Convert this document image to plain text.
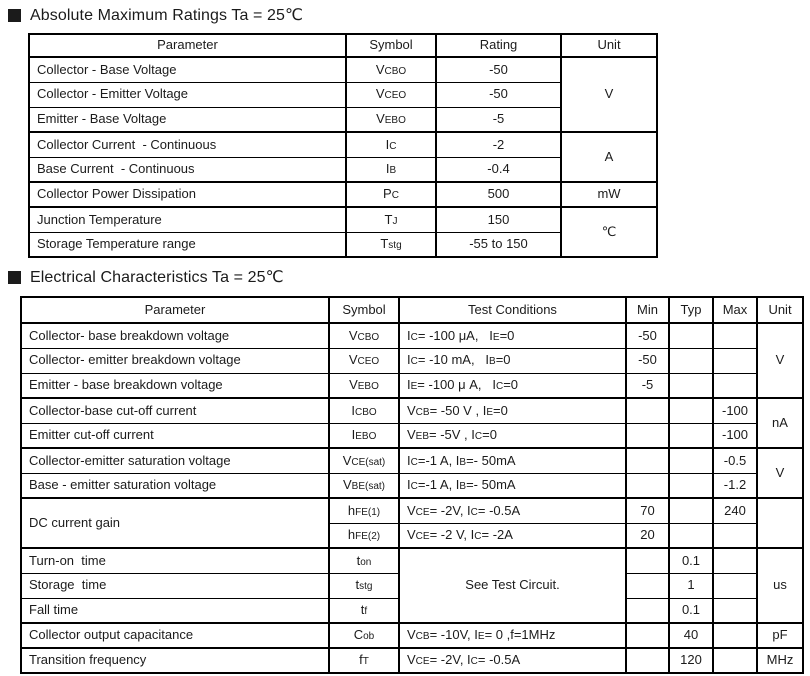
Absolute Maximum Ratings Ta = 25℃
Parameter	Symbol	Rating	Unit
Collector - Base Voltage	VCBO	-50	V
Collector - Emitter Voltage	VCEO	-50	
Emitter - Base Voltage	VEBO	-5	
Collector Current  - Continuous	IC	-2	A
Base Current  - Continuous	IB	-0.4	
Collector Power Dissipation	PC	500	mW
Junction Temperature	TJ	150	℃
Storage Temperature range	Tstg	-55 to 150	
Electrical Characteristics Ta = 25℃
Parameter	Symbol	Test Conditions	Min	Typ	Max	Unit
Collector- base breakdown voltage	VCBO	IC= -100 μA,   IE=0	-50			V
Collector- emitter breakdown voltage	VCEO	IC= -10 mA,   IB=0	-50			
Emitter - base breakdown voltage	VEBO	IE= -100 μ A,   IC=0	-5			
Collector-base cut-off current	ICBO	VCB= -50 V , IE=0			-100	nA
Emitter cut-off current	IEBO	VEB= -5V , IC=0			-100	
Collector-emitter saturation voltage	VCE(sat)	IC=-1 A, IB=- 50mA			-0.5	V
Base - emitter saturation voltage	VBE(sat)	IC=-1 A, IB=- 50mA			-1.2	
DC current gain	hFE(1)	VCE= -2V, IC= -0.5A	70		240	
	hFE(2)	VCE= -2 V, IC= -2A	20			
Turn-on  time	ton	See Test Circuit.		0.1		us
Storage  time	tstg			1		
Fall time	tf			0.1		
Collector output capacitance	Cob	VCB= -10V, IE= 0 ,f=1MHz		40		pF
Transition frequency	fT	VCE= -2V, IC= -0.5A		120		MHz
